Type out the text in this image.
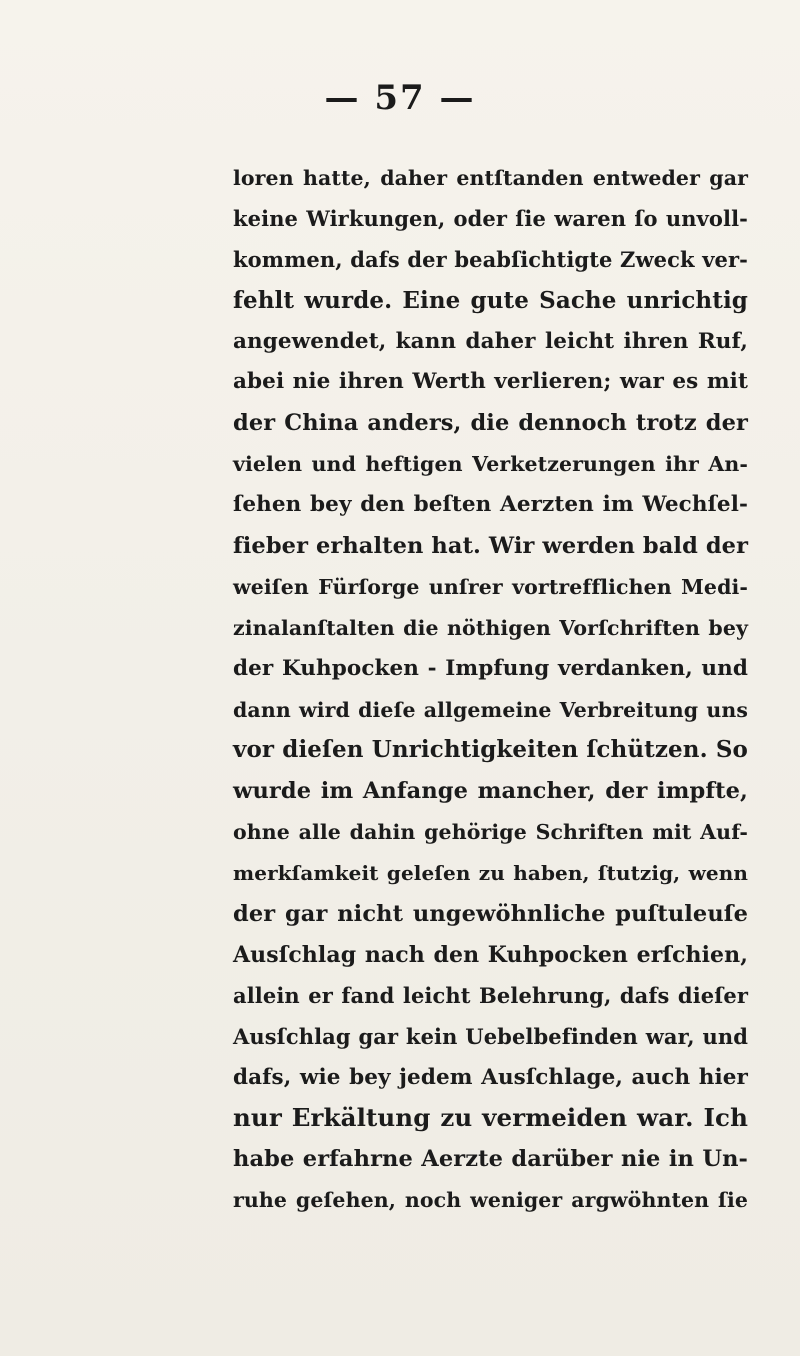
— 57 —
loren hatte, daher entſtanden entweder gar
keine Wirkungen, oder ſie waren ſo unvoll-
kommen, dafs der beabſichtigte Zweck ver-
fehlt wurde. Eine gute Sache unrichtig
angewendet, kann daher leicht ihren Ruf,
abei nie ihren Werth verlieren; war es mit
der China anders, die dennoch trotz der
vielen und heftigen Verketzerungen ihr An-
ſehen bey den beſten Aerzten im Wechſel-
fieber erhalten hat. Wir werden bald der
weiſen Fürſorge unſrer vortrefflichen Medi-
zinalanſtalten die nöthigen Vorſchriften bey
der Kuhpocken - Impfung verdanken, und
dann wird dieſe allgemeine Verbreitung uns
vor dieſen Unrichtigkeiten ſchützen. So
wurde im Anfange mancher, der impfte,
ohne alle dahin gehörige Schriften mit Auf-
merkſamkeit geleſen zu haben, ſtutzig, wenn
der gar nicht ungewöhnliche puſtuleuſe
Ausſchlag nach den Kuhpocken erſchien,
allein er fand leicht Belehrung, dafs dieſer
Ausſchlag gar kein Uebelbefinden war, und
dafs, wie bey jedem Ausſchlage, auch hier
nur Erkältung zu vermeiden war. Ich
habe erfahrne Aerzte darüber nie in Un-
ruhe geſehen, noch weniger argwöhnten ſie
